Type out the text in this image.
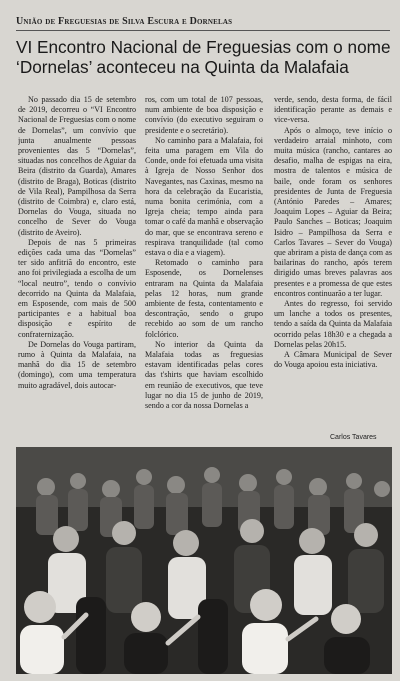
União de Freguesias de Silva Escura e Dornelas
VI Encontro Nacional de Freguesias com o nome ‘Dornelas’ aconteceu na Quinta da Malafaia

No passado dia 15 de setembro de 2019, decorreu o “VI Encontro Nacional de Freguesias com o nome de Dornelas”, um convívio que junta anualmente pessoas provenientes das 5 “Dornelas”, situadas nos concelhos de Aguiar da Beira (distrito da Guarda), Amares (distrito de Braga), Boticas (distrito de Vila Real), Pampilhosa da Serra (distrito de Coimbra) e, claro está, Dornelas do Vouga, situada no concelho de Sever do Vouga (distrito de Aveiro).

Depois de nas 5 primeiras edições cada uma das “Dornelas” ter sido anfitriã do encontro, este ano foi privilegiada a escolha de um “local neutro”, tendo o convívio decorrido na Quinta da Malafaia, em Esposende, com mais de 500 participantes e a habitual boa disposição e espírito de confraternização.

De Dornelas do Vouga partiram, rumo à Quinta da Malafaia, na manhã do dia 15 de setembro (domingo), com uma temperatura muito agradável, dois autocar-

ros, com um total de 107 pessoas, num ambiente de boa disposição e convívio (do executivo seguiram o presidente e o secretário).

No caminho para a Malafaia, foi feita uma paragem em Vila do Conde, onde foi efetuada uma visita à Igreja de Nosso Senhor dos Navegantes, nas Caxinas, mesmo na hora da celebração da Eucaristia, numa bonita cerimónia, com a Igreja cheia; tempo ainda para tomar o café da manhã e observação do mar, que se encontrava sereno e respirava tranquilidade (tal como estava o dia e a viagem).

Retomado o caminho para Esposende, os Dornelenses entraram na Quinta da Malafaia pelas 12 horas, num grande ambiente de festa, contentamento e descontração, sendo o grupo recebido ao som de um rancho folclórico.

No interior da Quinta da Malafaia todas as freguesias estavam identificadas pelas cores das t'shirts que haviam escolhido em reunião de executivos, que teve lugar no dia 15 de junho de 2019, sendo a cor da nossa Dornelas a

verde, sendo, desta forma, de fácil identificação perante as demais e vice-versa.

Após o almoço, teve início o verdadeiro arraial minhoto, com muita música (rancho, cantares ao desafio, malha de espigas na eira, mostra de talentos e música de baile, onde foram os senhores presidentes de Junta de Freguesia (António Paredes – Amares; Joaquim Lopes – Aguiar da Beira; Paulo Sanches – Boticas; Joaquim Isidro – Pampilhosa da Serra e Carlos Tavares – Sever do Vouga) que abriram a pista de dança com as bailarinas do rancho, após terem dirigido umas breves palavras aos presentes e a promessa de que estes encontros continuarão a ter lugar.

Antes do regresso, foi servido um lanche a todos os presentes, tendo a saída da Quinta da Malafaia ocorrido pelas 18h30 e a chegada a Dornelas pelas 20h15.

A Câmara Municipal de Sever do Vouga apoiou esta iniciativa.

Carlos Tavares
